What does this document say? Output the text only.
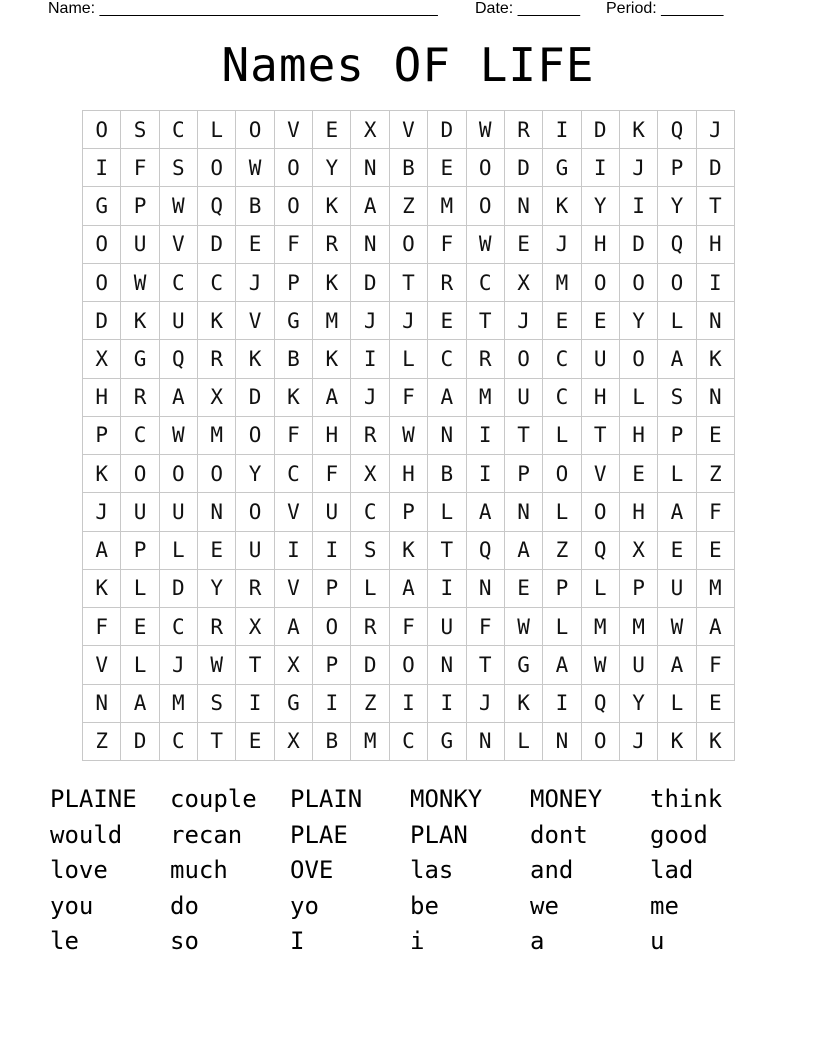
Name: ______________________________________ Date: _______ Period: _______
Names OF LIFE
O	S	C	L	O	V	E	X	V	D	W	R	I	D	K	Q	J
I	F	S	O	W	O	Y	N	B	E	O	D	G	I	J	P	D
G	P	W	Q	B	O	K	A	Z	M	O	N	K	Y	I	Y	T
O	U	V	D	E	F	R	N	O	F	W	E	J	H	D	Q	H
O	W	C	C	J	P	K	D	T	R	C	X	M	O	O	O	I
D	K	U	K	V	G	M	J	J	E	T	J	E	E	Y	L	N
X	G	Q	R	K	B	K	I	L	C	R	O	C	U	O	A	K
H	R	A	X	D	K	A	J	F	A	M	U	C	H	L	S	N
P	C	W	M	O	F	H	R	W	N	I	T	L	T	H	P	E
K	O	O	O	Y	C	F	X	H	B	I	P	O	V	E	L	Z
J	U	U	N	O	V	U	C	P	L	A	N	L	O	H	A	F
A	P	L	E	U	I	I	S	K	T	Q	A	Z	Q	X	E	E
K	L	D	Y	R	V	P	L	A	I	N	E	P	L	P	U	M
F	E	C	R	X	A	O	R	F	U	F	W	L	M	M	W	A
V	L	J	W	T	X	P	D	O	N	T	G	A	W	U	A	F
N	A	M	S	I	G	I	Z	I	I	J	K	I	Q	Y	L	E
Z	D	C	T	E	X	B	M	C	G	N	L	N	O	J	K	K
PLAINE	couple	PLAIN	MONKY	MONEY	think
would	recan	PLAE	PLAN	dont	good
love	much	OVE	las	and	lad
you	do	yo	be	we	me
le	so	I	i	a	u
